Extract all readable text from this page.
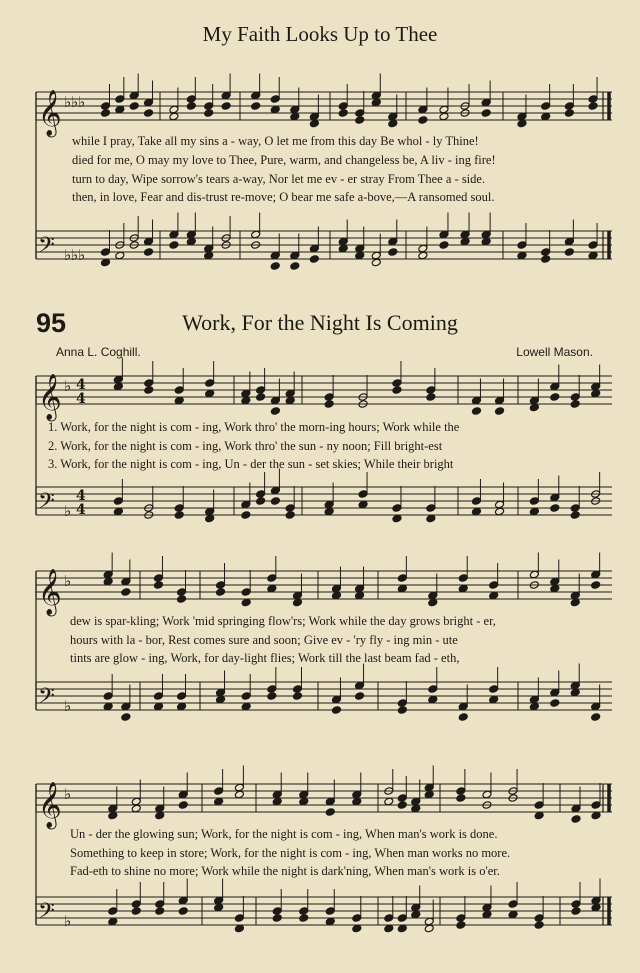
My Faith Looks Up to Thee
95	Work, For the Night Is Coming
Anna L. Coghill.	Lowell Mason.
𝄞 ♭ ♭ ♭
𝄢 ♭ ♭ ♭
𝄞 ♭ 4
4
𝄢 ♭
4
4
𝄞 ♭
𝄢 ♭
𝄞 ♭
𝄢 ♭
while I pray, Take all my sins a - way, O let me from this day Be whol - ly Thine!
died for me, O may my love to Thee, Pure, warm, and changeless be, A liv - ing fire!
turn to day, Wipe sorrow's tears a-way, Nor let me ev - er stray From Thee a - side.
then, in love, Fear and dis-trust re-move; O bear me safe a-bove,—A ransomed soul.
1. Work, for the night is com - ing, Work thro' the morn-ing hours; Work while the
2. Work, for the night is com - ing, Work thro' the sun - ny noon; Fill bright-est
3. Work, for the night is com - ing, Un - der the sun - set skies; While their bright
dew is spar-kling; Work 'mid springing flow'rs; Work while the day grows bright - er,
hours with la - bor, Rest comes sure and soon; Give ev - 'ry fly - ing min - ute
tints are glow - ing, Work, for day-light flies; Work till the last beam fad - eth,
Un - der the glowing sun; Work, for the night is com - ing, When man's work is done.
Something to keep in store; Work, for the night is com - ing, When man works no more.
Fad-eth to shine no more; Work while the night is dark'ning, When man's work is o'er.
